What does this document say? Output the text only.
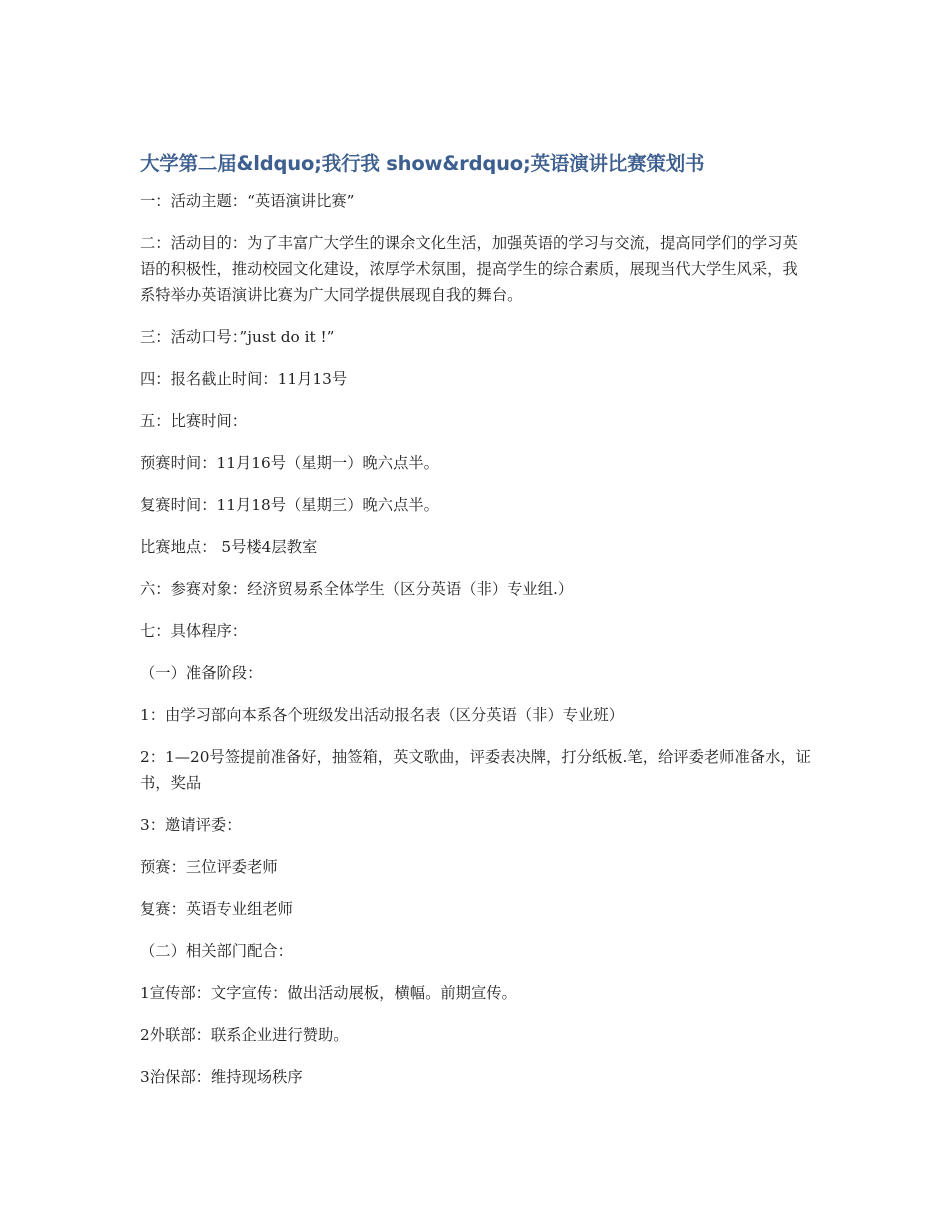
大学第二届&ldquo;我行我 show&rdquo;英语演讲比赛策划书

一：活动主题：“英语演讲比赛”

二：活动目的：为了丰富广大学生的课余文化生活，加强英语的学习与交流，提高同学们的学习英语的积极性，推动校园文化建设，浓厚学术氛围，提高学生的综合素质，展现当代大学生风采，我系特举办英语演讲比赛为广大同学提供展现自我的舞台。

三：活动口号：”just do it !”

四：报名截止时间：11月13号

五：比赛时间：

预赛时间：11月16号（星期一）晚六点半。

复赛时间：11月18号（星期三）晚六点半。

比赛地点： 5号楼4层教室

六：参赛对象：经济贸易系全体学生（区分英语（非）专业组.）

七：具体程序：

（一）准备阶段：

1：由学习部向本系各个班级发出活动报名表（区分英语（非）专业班）

2：1—20号签提前准备好，抽签箱，英文歌曲，评委表决牌，打分纸板.笔，给评委老师准备水，证书，奖品

3：邀请评委：

预赛：三位评委老师

复赛：英语专业组老师

（二）相关部门配合：

1宣传部：文字宣传：做出活动展板，横幅。前期宣传。

2外联部：联系企业进行赞助。

3治保部：维持现场秩序
